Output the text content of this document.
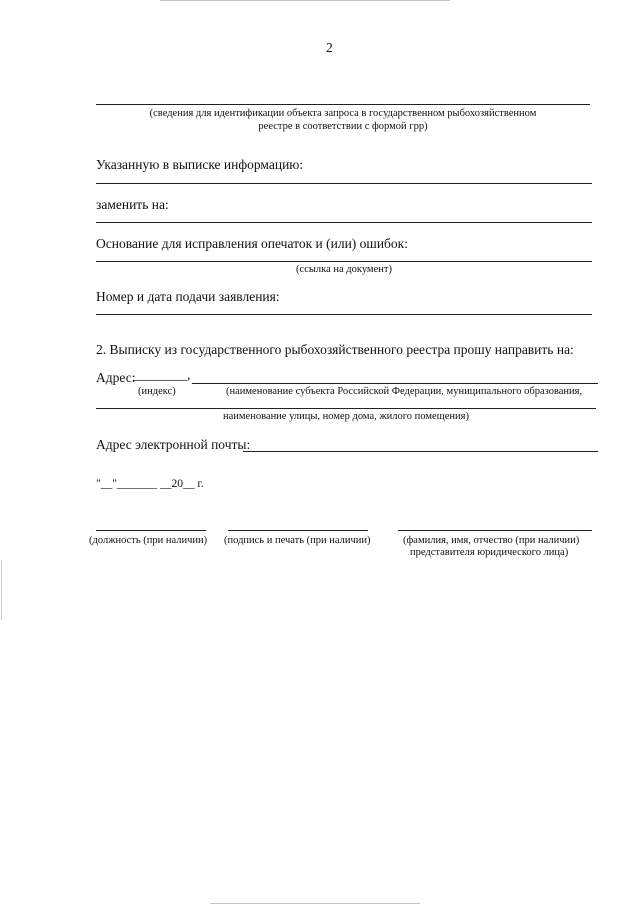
2
(сведения для идентификации объекта запроса в государственном рыбохозяйственном
реестре в соответствии с формой грр)
Указанную в выписке информацию:
заменить на:
Основание для исправления опечаток и (или) ошибок:
(ссылка на документ)
Номер и дата подачи заявления:
2. Выписку из государственного рыбохозяйственного реестра прошу направить на:
Адрес:
________,
(индекс)	(наименование субъекта Российской Федерации, муниципального образования,
наименование улицы, номер дома, жилого помещения)
Адрес электронной почты:
"__"_______ __20__ г.
(должность (при наличии) (подпись и печать (при наличии)	(фамилия, имя, отчество (при наличии)
представителя юридического лица)
